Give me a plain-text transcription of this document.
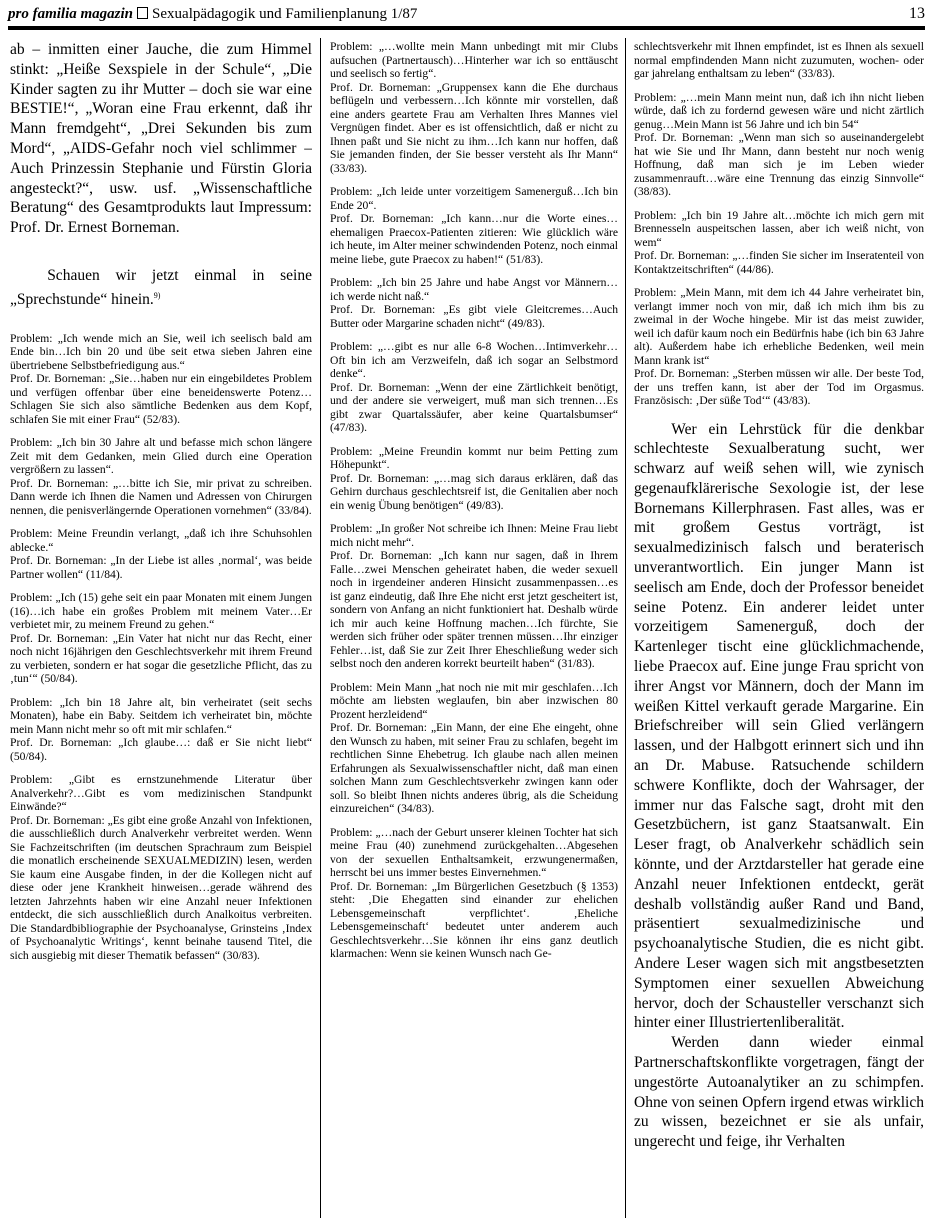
pro familia magazin Sexualpädagogik und Familienplanung 1/87	13

ab – inmitten einer Jauche, die zum Himmel stinkt: „Heiße Sexspiele in der Schule“, „Die Kinder sagten zu ihr Mutter – doch sie war eine BESTIE!“, „Woran eine Frau erkennt, daß ihr Mann fremdgeht“, „Drei Sekunden bis zum Mord“, „AIDS-Gefahr noch viel schlimmer – Auch Prinzessin Stephanie und Fürstin Gloria angesteckt?“, usw. usf. „Wissenschaftliche Beratung“ des Gesamtprodukts laut Impressum: Prof. Dr. Ernest Borneman.

Schauen wir jetzt einmal in seine „Sprechstunde“ hinein.$^{9)}$

Problem: „Ich wende mich an Sie, weil ich seelisch bald am Ende bin…Ich bin 20 und übe seit etwa sieben Jahren eine übertriebene Selbstbefriedigung aus.“

Prof. Dr. Borneman: „Sie…haben nur ein eingebildetes Problem und verfügen offenbar über eine beneidenswerte Potenz…Schlagen Sie sich also sämtliche Bedenken aus dem Kopf, schlafen Sie mit einer Frau“ (52/83).

Problem: „Ich bin 30 Jahre alt und befasse mich schon längere Zeit mit dem Gedanken, mein Glied durch eine Operation vergrößern zu lassen“.

Prof. Dr. Borneman: „…bitte ich Sie, mir privat zu schreiben. Dann werde ich Ihnen die Namen und Adressen von Chirurgen nennen, die penisverlängernde Operationen vornehmen“ (33/84).

Problem: Meine Freundin verlangt, „daß ich ihre Schuhsohlen ablecke.“

Prof. Dr. Borneman: „In der Liebe ist alles ‚normal‘, was beide Partner wollen“ (11/84).

Problem: „Ich (15) gehe seit ein paar Monaten mit einem Jungen (16)…ich habe ein großes Problem mit meinem Vater…Er verbietet mir, zu meinem Freund zu gehen.“

Prof. Dr. Borneman: „Ein Vater hat nicht nur das Recht, einer noch nicht 16jährigen den Geschlechtsverkehr mit ihrem Freund zu verbieten, sondern er hat sogar die gesetzliche Pflicht, das zu ‚tun‘“ (50/84).

Problem: „Ich bin 18 Jahre alt, bin verheiratet (seit sechs Monaten), habe ein Baby. Seitdem ich verheiratet bin, möchte mein Mann nicht mehr so oft mit mir schlafen.“

Prof. Dr. Borneman: „Ich glaube…: daß er Sie nicht liebt“ (50/84).

Problem: „Gibt es ernstzunehmende Literatur über Analverkehr?…Gibt es vom medizinischen Standpunkt Einwände?“

Prof. Dr. Borneman: „Es gibt eine große Anzahl von Infektionen, die ausschließlich durch Analverkehr verbreitet werden. Wenn Sie Fachzeitschriften (im deutschen Sprachraum zum Beispiel die monatlich erscheinende SEXUALMEDIZIN) lesen, werden Sie kaum eine Ausgabe finden, in der die Kollegen nicht auf diese oder jene Krankheit hinweisen…gerade während des letzten Jahrzehnts haben wir eine Anzahl neuer Infektionen entdeckt, die sich ausschließlich durch Analkoitus verbreiten. Die Standardbibliographie der Psychoanalyse, Grinsteins ‚Index of Psychoanalytic Writings‘, kennt beinahe tausend Titel, die sich ausgiebig mit dieser Thematik befassen“ (30/83).

Problem: „…wollte mein Mann unbedingt mit mir Clubs aufsuchen (Partnertausch)…Hinterher war ich so enttäuscht und seelisch so fertig“.

Prof. Dr. Borneman: „Gruppensex kann die Ehe durchaus beflügeln und verbessern…Ich könnte mir vorstellen, daß eine anders geartete Frau am Verhalten Ihres Mannes viel Vergnügen findet. Aber es ist offensichtlich, daß er nicht zu Ihnen paßt und Sie nicht zu ihm…Ich kann nur hoffen, daß Sie jemanden finden, der Sie besser versteht als Ihr Mann“ (33/83).

Problem: „Ich leide unter vorzeitigem Samenerguß…Ich bin Ende 20“.

Prof. Dr. Borneman: „Ich kann…nur die Worte eines…ehemaligen Praecox-Patienten zitieren: Wie glücklich wäre ich heute, im Alter meiner schwindenden Potenz, noch einmal meine liebe, gute Praecox zu haben!“ (51/83).

Problem: „Ich bin 25 Jahre und habe Angst vor Männern…ich werde nicht naß.“

Prof. Dr. Borneman: „Es gibt viele Gleitcremes…Auch Butter oder Margarine schaden nicht“ (49/83).

Problem: „…gibt es nur alle 6-8 Wochen…Intimverkehr…Oft bin ich am Verzweifeln, daß ich sogar an Selbstmord denke“.

Prof. Dr. Borneman: „Wenn der eine Zärtlichkeit benötigt, und der andere sie verweigert, muß man sich trennen…Es gibt zwar Quartalssäufer, aber keine Quartalsbumser“ (47/83).

Problem: „Meine Freundin kommt nur beim Petting zum Höhepunkt“.

Prof. Dr. Borneman: „…mag sich daraus erklären, daß das Gehirn durchaus geschlechtsreif ist, die Genitalien aber noch ein wenig Übung benötigen“ (49/83).

Problem: „In großer Not schreibe ich Ihnen: Meine Frau liebt mich nicht mehr“.

Prof. Dr. Borneman: „Ich kann nur sagen, daß in Ihrem Falle…zwei Menschen geheiratet haben, die weder sexuell noch in irgendeiner anderen Hinsicht zusammenpassen…es ist ganz eindeutig, daß Ihre Ehe nicht erst jetzt gescheitert ist, sondern von Anfang an nicht funktioniert hat. Deshalb würde ich mir auch keine Hoffnung machen…Ich fürchte, Sie werden sich früher oder später trennen müssen…Ihr einziger Fehler…ist, daß Sie zur Zeit Ihrer Eheschließung weder sich selbst noch den anderen korrekt beurteilt haben“ (31/83).

Problem: Mein Mann „hat noch nie mit mir geschlafen…Ich möchte am liebsten weglaufen, bin aber inzwischen 80 Prozent herzleidend“

Prof. Dr. Borneman: „Ein Mann, der eine Ehe eingeht, ohne den Wunsch zu haben, mit seiner Frau zu schlafen, begeht im rechtlichen Sinne Ehebetrug. Ich glaube nach allen meinen Erfahrungen als Sexualwissenschaftler nicht, daß man einen solchen Mann zum Geschlechtsverkehr zwingen kann oder soll. So bleibt Ihnen nichts anderes übrig, als die Scheidung einzureichen“ (34/83).

Problem: „…nach der Geburt unserer kleinen Tochter hat sich meine Frau (40) zunehmend zurückgehalten…Abgesehen von der sexuellen Enthaltsamkeit, erzwungenermaßen, herrscht bei uns immer bestes Einvernehmen.“

Prof. Dr. Borneman: „Im Bürgerlichen Gesetzbuch (§ 1353) steht: ‚Die Ehegatten sind einander zur ehelichen Lebensgemeinschaft verpflichtet‘. ‚Eheliche Lebensgemeinschaft‘ bedeutet unter anderem auch Geschlechtsverkehr…Sie können ihr eins ganz deutlich klarmachen: Wenn sie keinen Wunsch nach Ge-

schlechtsverkehr mit Ihnen empfindet, ist es Ihnen als sexuell normal empfindenden Mann nicht zuzumuten, wochen- oder gar jahrelang enthaltsam zu leben“ (33/83).

Problem: „…mein Mann meint nun, daß ich ihn nicht lieben würde, daß ich zu fordernd gewesen wäre und nicht zärtlich genug…Mein Mann ist 56 Jahre und ich bin 54“

Prof. Dr. Borneman: „Wenn man sich so auseinandergelebt hat wie Sie und Ihr Mann, dann besteht nur noch wenig Hoffnung, daß man sich je im Leben wieder zusammenrauft…wäre eine Trennung das einzig Sinnvolle“ (38/83).

Problem: „Ich bin 19 Jahre alt…möchte ich mich gern mit Brennesseln auspeitschen lassen, aber ich weiß nicht, von wem“

Prof. Dr. Borneman: „…finden Sie sicher im Inseratenteil von Kontaktzeitschriften“ (44/86).

Problem: „Mein Mann, mit dem ich 44 Jahre verheiratet bin, verlangt immer noch von mir, daß ich mich ihm bis zu zweimal in der Woche hingebe. Mir ist das meist zuwider, weil ich dafür kaum noch ein Bedürfnis habe (ich bin 63 Jahre alt). Außerdem habe ich erhebliche Bedenken, weil mein Mann krank ist“

Prof. Dr. Borneman: „Sterben müssen wir alle. Der beste Tod, der uns treffen kann, ist aber der Tod im Orgasmus. Französisch: ‚Der süße Tod‘“ (43/83).

Wer ein Lehrstück für die denkbar schlechteste Sexualberatung sucht, wer schwarz auf weiß sehen will, wie zynisch gegenaufklärerische Sexologie ist, der lese Bornemans Killerphrasen. Fast alles, was er mit großem Gestus vorträgt, ist sexualmedizinisch falsch und beraterisch unverantwortlich. Ein junger Mann ist seelisch am Ende, doch der Professor beneidet seine Potenz. Ein anderer leidet unter vorzeitigem Samenerguß, doch der Kartenleger tischt eine glücklichmachende, liebe Praecox auf. Eine junge Frau spricht von ihrer Angst vor Männern, doch der Mann im weißen Kittel verkauft gerade Margarine. Ein Briefschreiber will sein Glied verlängern lassen, und der Halbgott erinnert sich und ihn an Dr. Mabuse. Ratsuchende schildern schwere Konflikte, doch der Wahrsager, der immer nur das Falsche sagt, droht mit den Gesetzbüchern, ist ganz Staatsanwalt. Ein Leser fragt, ob Analverkehr schädlich sein könnte, und der Arztdarsteller hat gerade eine Anzahl neuer Infektionen entdeckt, gerät deshalb vollständig außer Rand und Band, präsentiert sexualmedizinische und psychoanalytische Studien, die es nicht gibt. Andere Leser wagen sich mit angstbesetzten Symptomen einer sexuellen Abweichung hervor, doch der Schausteller verschanzt sich hinter einer Illustriertenliberalität.

Werden dann wieder einmal Partnerschaftskonflikte vorgetragen, fängt der ungestörte Autoanalytiker an zu schimpfen. Ohne von seinen Opfern irgend etwas wirklich zu wissen, bezeichnet er sie als unfair, ungerecht und feige, ihr Verhalten
